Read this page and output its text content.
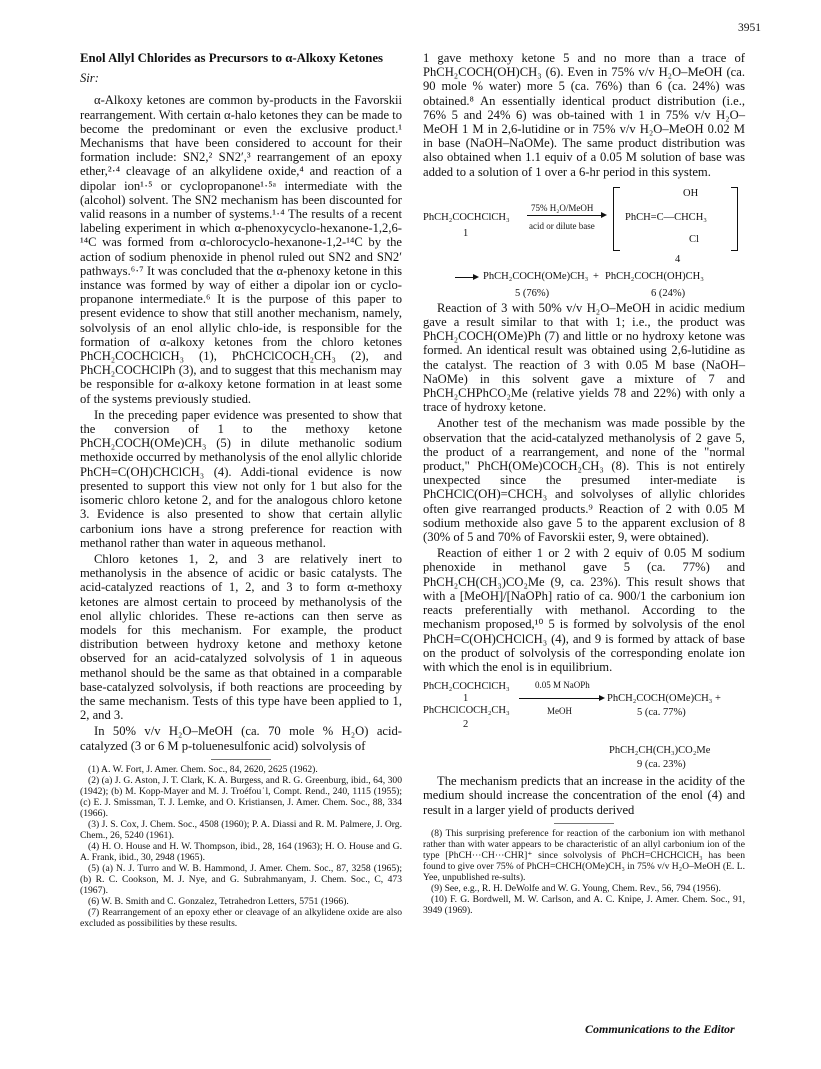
3951

Enol Allyl Chlorides as Precursors to α-Alkoxy Ketones

Sir:

α-Alkoxy ketones are common by-products in the Favorskii rearrangement. With certain α-halo ketones they can be made to become the predominant or even the exclusive product.¹ Mechanisms that have been considered to account for their formation include: SN2,² SN2′,³ rearrangement of an epoxy ether,²·⁴ cleavage of an alkylidene oxide,⁴ and reaction of a dipolar ion¹·⁵ or cyclopropanone¹·⁵ᵃ intermediate with the (alcohol) solvent. The SN2 mechanism has been discounted for valid reasons in a number of systems.¹·⁴ The results of a recent labeling experiment in which α-phenoxycyclo-hexanone-1,2,6-¹⁴C was formed from α-chlorocyclo-hexanone-1,2-¹⁴C by the action of sodium phenoxide in phenol ruled out SN2 and SN2′ pathways.⁶·⁷ It was concluded that the α-phenoxy ketone in this instance was formed by way of either a dipolar ion or cyclo-propanone intermediate.⁶ It is the purpose of this paper to present evidence to show that still another mechanism, namely, solvolysis of an enol allylic chlo-ide, is responsible for the formation of α-alkoxy ketones from the chloro ketones PhCH₂COCHClCH₃ (1), PhCHClCOCH₂CH₃ (2), and PhCH₂COCHClPh (3), and to suggest that this mechanism may be responsible for α-alkoxy ketone formation in at least some of the systems previously studied.

In the preceding paper evidence was presented to show that the conversion of 1 to the methoxy ketone PhCH₂COCH(OMe)CH₃ (5) in dilute methanolic sodium methoxide occurred by methanolysis of the enol allylic chloride PhCH=C(OH)CHClCH₃ (4). Addi-tional evidence is now presented to support this view not only for 1 but also for the isomeric chloro ketone 2, and for the analogous chloro ketone 3. Evidence is also presented to show that certain allylic carbonium ions have a strong preference for reaction with methanol rather than water in aqueous methanol.

Chloro ketones 1, 2, and 3 are relatively inert to methanolysis in the absence of acidic or basic catalysts. The acid-catalyzed reactions of 1, 2, and 3 to form α-methoxy ketones are almost certain to proceed by methanolysis of the enol allylic chlorides. These re-actions can then serve as models for this mechanism. For example, the product distribution between hydroxy ketone and methoxy ketone observed for an acid-catalyzed solvolysis of 1 in aqueous methanol should be the same as that obtained in a comparable base-catalyzed solvolysis, if both reactions are proceeding by the same mechanism. Tests of this type have been applied to 1, 2, and 3.

In 50% v/v H₂O–MeOH (ca. 70 mole % H₂O) acid-catalyzed (3 or 6 M p-toluenesulfonic acid) solvolysis of

(1) A. W. Fort, J. Amer. Chem. Soc., 84, 2620, 2625 (1962).

(2) (a) J. G. Aston, J. T. Clark, K. A. Burgess, and R. G. Greenburg, ibid., 64, 300 (1942); (b) M. Kopp-Mayer and M. J. Troéfou˙l, Compt. Rend., 240, 1115 (1955); (c) E. J. Smissman, T. J. Lemke, and O. Kristiansen, J. Amer. Chem. Soc., 88, 334 (1966).

(3) J. S. Cox, J. Chem. Soc., 4508 (1960); P. A. Diassi and R. M. Palmere, J. Org. Chem., 26, 5240 (1961).

(4) H. O. House and H. W. Thompson, ibid., 28, 164 (1963); H. O. House and G. A. Frank, ibid., 30, 2948 (1965).

(5) (a) N. J. Turro and W. B. Hammond, J. Amer. Chem. Soc., 87, 3258 (1965); (b) R. C. Cookson, M. J. Nye, and G. Subrahmanyam, J. Chem. Soc., C, 473 (1967).

(6) W. B. Smith and C. Gonzalez, Tetrahedron Letters, 5751 (1966).

(7) Rearrangement of an epoxy ether or cleavage of an alkylidene oxide are also excluded as possibilities by these results.

1 gave methoxy ketone 5 and no more than a trace of PhCH₂COCH(OH)CH₃ (6). Even in 75% v/v H₂O–MeOH (ca. 90 mole % water) more 5 (ca. 76%) than 6 (ca. 24%) was obtained.⁸ An essentially identical product distribution (i.e., 76% 5 and 24% 6) was ob-tained with 1 in 75% v/v H₂O–MeOH 1 M in 2,6-lutidine or in 75% v/v H₂O–MeOH 0.02 M in base (NaOH–NaOMe). The same product distribution was also obtained when 1.1 equiv of a 0.05 M solution of base was added to a solution of 1 over a 6-hr period in this system.

PhCH₂COCHClCH₃
1
75% H₂O/MeOH
acid or dilute base
OH
PhCH=C—CHCH₃
Cl
4
PhCH₂COCH(OMe)CH₃ + PhCH₂COCH(OH)CH₃
5 (76%)	6 (24%)

Reaction of 3 with 50% v/v H₂O–MeOH in acidic medium gave a result similar to that with 1; i.e., the product was PhCH₂COCH(OMe)Ph (7) and little or no hydroxy ketone was formed. An identical result was obtained using 2,6-lutidine as the catalyst. The reaction of 3 with 0.05 M base (NaOH–NaOMe) in this solvent gave a mixture of 7 and PhCH₂CHPhCO₂Me (relative yields 78 and 22%) with only a trace of hydroxy ketone.

Another test of the mechanism was made possible by the observation that the acid-catalyzed methanolysis of 2 gave 5, the product of a rearrangement, and none of the "normal product," PhCH(OMe)COCH₂CH₃ (8). This is not entirely unexpected since the presumed inter-mediate is PhCHClC(OH)=CHCH₃ and solvolyses of allylic chlorides often give rearranged products.⁹ Reaction of 2 with 0.05 M sodium methoxide also gave 5 to the apparent exclusion of 8 (30% of 5 and 70% of Favorskii ester, 9, were obtained).

Reaction of either 1 or 2 with 2 equiv of 0.05 M sodium phenoxide in methanol gave 5 (ca. 77%) and PhCH₂CH(CH₃)CO₂Me (9, ca. 23%). This result shows that with a [MeOH]/[NaOPh] ratio of ca. 900/1 the carbonium ion reacts preferentially with methanol. According to the mechanism proposed,¹⁰ 5 is formed by solvolysis of the enol PhCH=C(OH)CHClCH₃ (4), and 9 is formed by attack of base on the product of solvolysis of the corresponding enolate ion with which the enol is in equilibrium.

PhCH₂COCHClCH₃
1
PhCHClCOCH₂CH₃
2
0.05 M NaOPh
MeOH
PhCH₂COCH(OMe)CH₃ +
5 (ca. 77%)
PhCH₂CH(CH₃)CO₂Me
9 (ca. 23%)

The mechanism predicts that an increase in the acidity of the medium should increase the concentration of the enol (4) and result in a larger yield of products derived

(8) This surprising preference for reaction of the carbonium ion with methanol rather than with water appears to be characteristic of an allyl carbonium ion of the type [PhCH⋯CH⋯CHR]⁺ since solvolysis of PhCH=CHCHClCH₃ has been found to give over 75% of PhCH=CHCH(OMe)CH₃ in 75% v/v H₂O–MeOH (E. L. Yee, unpublished re-sults).

(9) See, e.g., R. H. DeWolfe and W. G. Young, Chem. Rev., 56, 794 (1956).

(10) F. G. Bordwell, M. W. Carlson, and A. C. Knipe, J. Amer. Chem. Soc., 91, 3949 (1969).

Communications to the Editor
